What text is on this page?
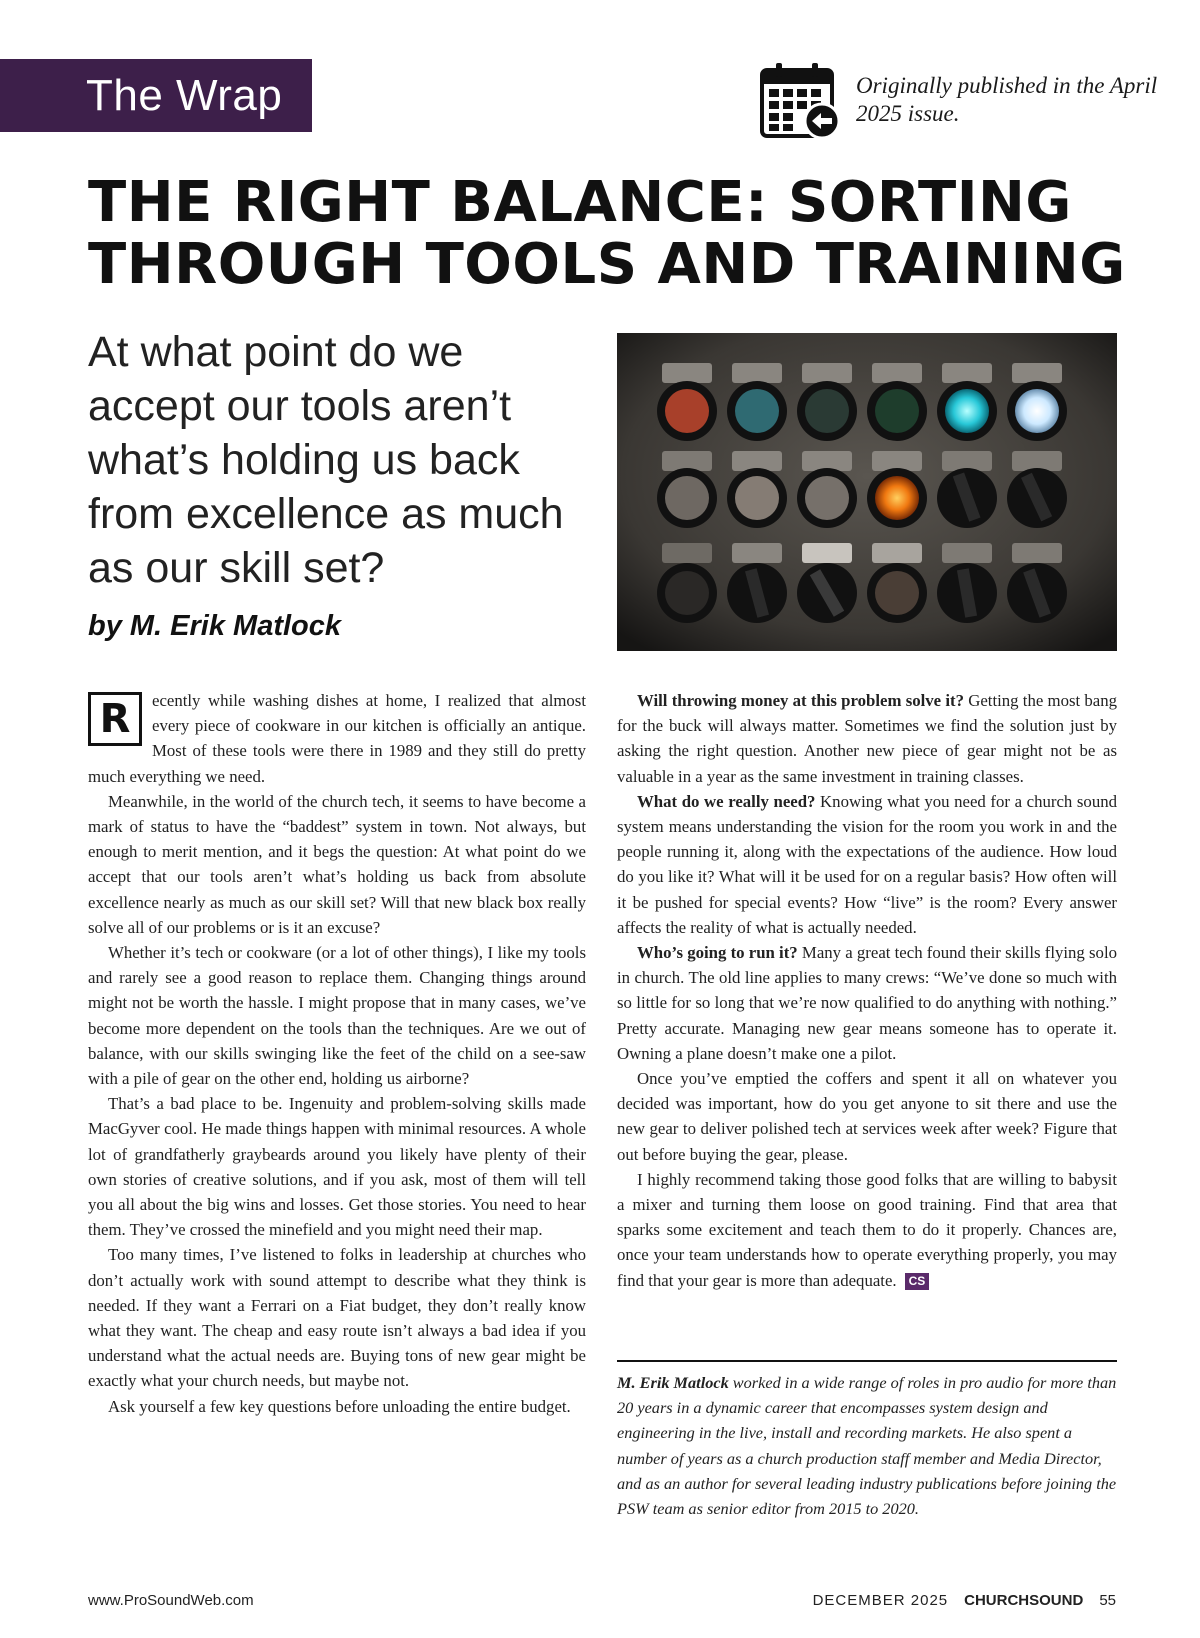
The Wrap	Originally published in the April 2025 issue.
THE RIGHT BALANCE: SORTING THROUGH TOOLS AND TRAINING
At what point do we accept our tools aren’t what’s holding us back from excellence as much as our skill set?

by M. Erik Matlock

R	ecently while washing dishes at home, I realized that almost every piece of cookware in our kitchen is officially an antique. Most of these tools were there in 1989 and they still do pretty much everything we need.

Meanwhile, in the world of the church tech, it seems to have become a mark of status to have the “baddest” system in town. Not always, but enough to merit mention, and it begs the question: At what point do we accept that our tools aren’t what’s holding us back from absolute excellence nearly as much as our skill set? Will that new black box really solve all of our problems or is it an excuse?

Whether it’s tech or cookware (or a lot of other things), I like my tools and rarely see a good reason to replace them. Changing things around might not be worth the hassle. I might propose that in many cases, we’ve become more dependent on the tools than the techniques. Are we out of balance, with our skills swinging like the feet of the child on a see-saw with a pile of gear on the other end, holding us airborne?

That’s a bad place to be. Ingenuity and problem-solving skills made MacGyver cool. He made things happen with minimal resources. A whole lot of grandfatherly graybeards around you likely have plenty of their own stories of creative solutions, and if you ask, most of them will tell you all about the big wins and losses. Get those stories. You need to hear them. They’ve crossed the minefield and you might need their map.

Too many times, I’ve listened to folks in leadership at churches who don’t actually work with sound attempt to describe what they think is needed. If they want a Ferrari on a Fiat budget, they don’t really know what they want. The cheap and easy route isn’t always a bad idea if you understand what the actual needs are. Buying tons of new gear might be exactly what your church needs, but maybe not.

Ask yourself a few key questions before unloading the entire budget.

Will throwing money at this problem solve it? Getting the most bang for the buck will always matter. Sometimes we find the solution just by asking the right question. Another new piece of gear might not be as valuable in a year as the same investment in training classes.

What do we really need? Knowing what you need for a church sound system means understanding the vision for the room you work in and the people running it, along with the expectations of the audience. How loud do you like it? What will it be used for on a regular basis? How often will it be pushed for special events? How “live” is the room? Every answer affects the reality of what is actually needed.

Who’s going to run it? Many a great tech found their skills flying solo in church. The old line applies to many crews: “We’ve done so much with so little for so long that we’re now qualified to do anything with nothing.” Pretty accurate. Managing new gear means someone has to operate it. Owning a plane doesn’t make one a pilot.

Once you’ve emptied the coffers and spent it all on whatever you decided was important, how do you get anyone to sit there and use the new gear to deliver polished tech at services week after week? Figure that out before buying the gear, please.

I highly recommend taking those good folks that are willing to babysit a mixer and turning them loose on good training. Find that area that sparks some excitement and teach them to do it properly. Chances are, once your team understands how to operate everything properly, you may find that your gear is more than adequate. CS

M. Erik Matlock worked in a wide range of roles in pro audio for more than 20 years in a dynamic career that encompasses system design and engineering in the live, install and recording markets. He also spent a number of years as a church production staff member and Media Director, and as an author for several leading industry publications before joining the PSW team as senior editor from 2015 to 2020.

www.ProSoundWeb.com	DECEMBER 2025 CHURCHSOUND 55
